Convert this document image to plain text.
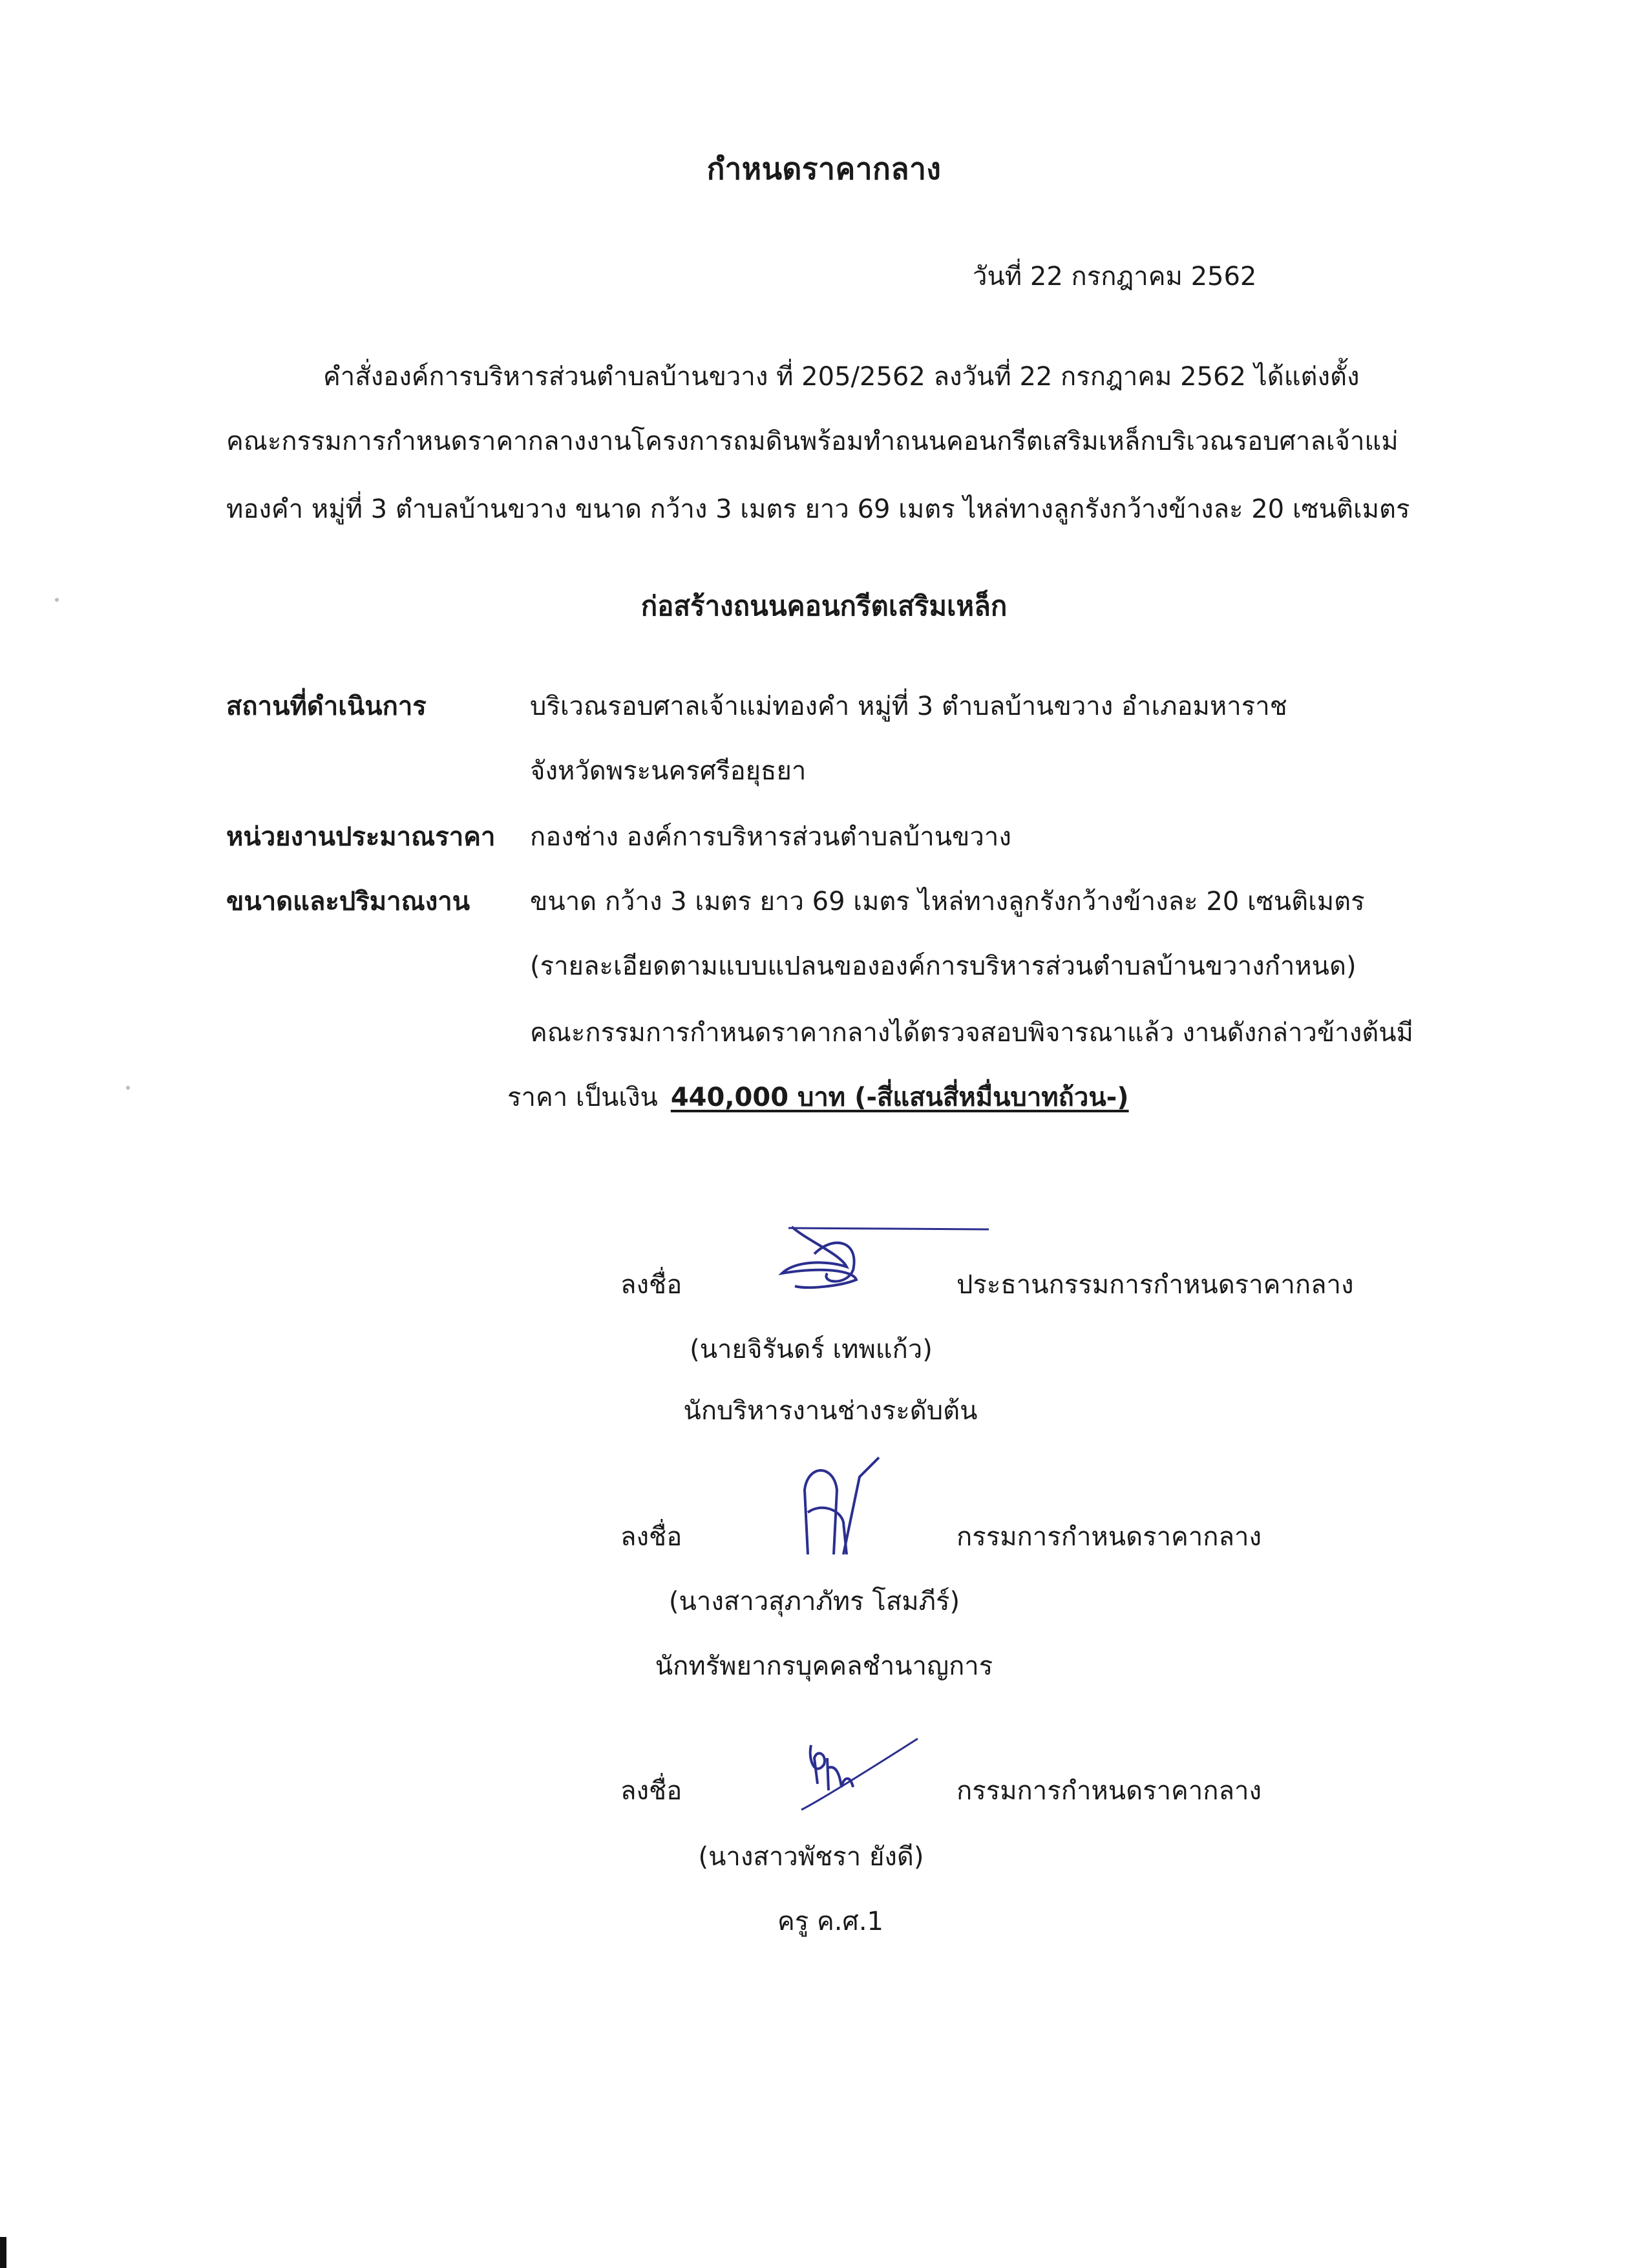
กำหนดราคากลาง
วันที่ 22 กรกฎาคม 2562
คำสั่งองค์การบริหารส่วนตำบลบ้านขวาง ที่ 205/2562 ลงวันที่ 22 กรกฎาคม 2562 ได้แต่งตั้ง
คณะกรรมการกำหนดราคากลางงานโครงการถมดินพร้อมทำถนนคอนกรีตเสริมเหล็กบริเวณรอบศาลเจ้าแม่
ทองคำ หมู่ที่ 3 ตำบลบ้านขวาง ขนาด กว้าง 3 เมตร ยาว 69 เมตร ไหล่ทางลูกรังกว้างข้างละ 20 เซนติเมตร
ก่อสร้างถนนคอนกรีตเสริมเหล็ก
สถานที่ดำเนินการ	บริเวณรอบศาลเจ้าแม่ทองคำ หมู่ที่ 3 ตำบลบ้านขวาง อำเภอมหาราช
จังหวัดพระนครศรีอยุธยา
หน่วยงานประมาณราคา กองช่าง องค์การบริหารส่วนตำบลบ้านขวาง
ขนาดและปริมาณงาน ขนาด กว้าง 3 เมตร ยาว 69 เมตร ไหล่ทางลูกรังกว้างข้างละ 20 เซนติเมตร
(รายละเอียดตามแบบแปลนขององค์การบริหารส่วนตำบลบ้านขวางกำหนด)
คณะกรรมการกำหนดราคากลางได้ตรวจสอบพิจารณาแล้ว งานดังกล่าวข้างต้นมี
ราคา เป็นเงิน 440,000 บาท (-สี่แสนสี่หมื่นบาทถ้วน-)
ลงชื่อ	ประธานกรรมการกำหนดราคากลาง
(นายจิรันดร์ เทพแก้ว)
นักบริหารงานช่างระดับต้น
ลงชื่อ	กรรมการกำหนดราคากลาง
(นางสาวสุภาภัทร โสมภีร์)
นักทรัพยากรบุคคลชำนาญการ
ลงชื่อ	กรรมการกำหนดราคากลาง
(นางสาวพัชรา ยังดี)
ครู ค.ศ.1
